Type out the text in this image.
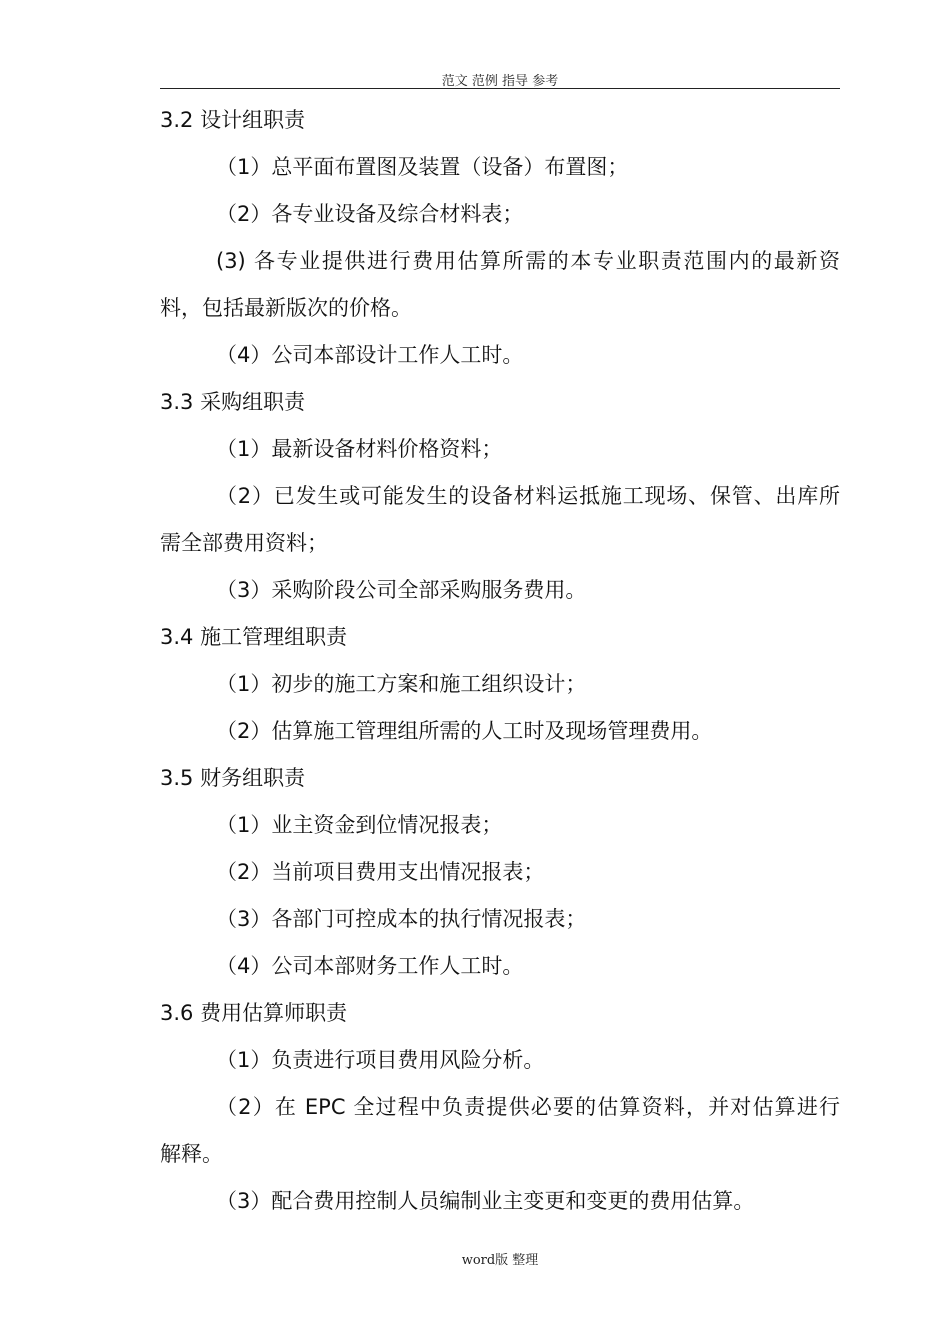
范文 范例 指导 参考
3.2 设计组职责
（1）总平面布置图及装置（设备）布置图；
（2）各专业设备及综合材料表；
(3) 各专业提供进行费用估算所需的本专业职责范围内的最新资
料，包括最新版次的价格。
（4）公司本部设计工作人工时。
3.3 采购组职责
（1）最新设备材料价格资料；
（2）已发生或可能发生的设备材料运抵施工现场、保管、出库所
需全部费用资料；
（3）采购阶段公司全部采购服务费用。
3.4 施工管理组职责
（1）初步的施工方案和施工组织设计；
（2）估算施工管理组所需的人工时及现场管理费用。
3.5 财务组职责
（1）业主资金到位情况报表；
（2）当前项目费用支出情况报表；
（3）各部门可控成本的执行情况报表；
（4）公司本部财务工作人工时。
3.6 费用估算师职责
（1）负责进行项目费用风险分析。
（2）在 EPC 全过程中负责提供必要的估算资料，并对估算进行
解释。
（3）配合费用控制人员编制业主变更和变更的费用估算。
word版 整理
